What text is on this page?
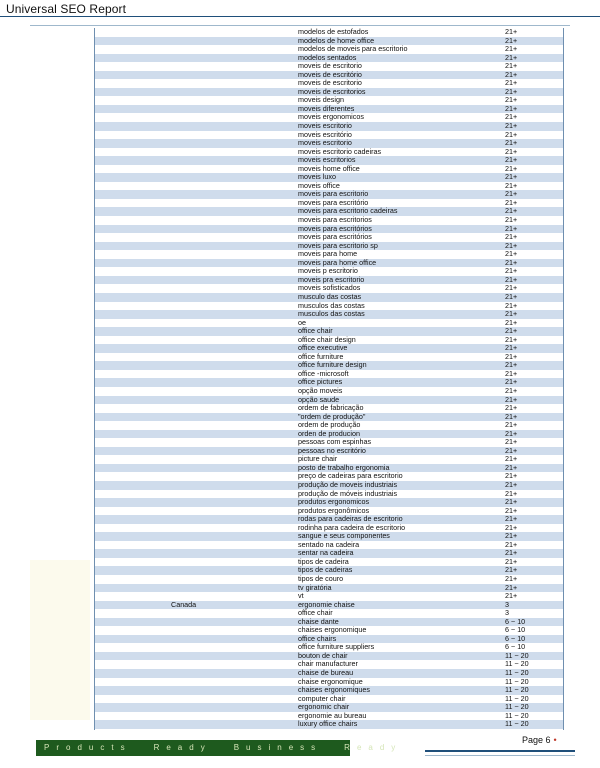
Universal SEO Report
modelos de estofados	21+
modelos de home office	21+
modelos de moveis para escritorio	21+
modelos sentados	21+
moveis de escritorio	21+
moveis de escritório	21+
moveis de escritorio	21+
moveis de escritorios	21+
moveis design	21+
moveis diferentes	21+
moveis ergonomicos	21+
moveis escritorio	21+
moveis escritório	21+
moveis escritorio	21+
moveis escritorio cadeiras	21+
moveis escritorios	21+
moveis home office	21+
moveis luxo	21+
moveis office	21+
moveis para escritorio	21+
moveis para escritório	21+
moveis para escritorio cadeiras	21+
moveis para escritorios	21+
moveis para escritórios	21+
moveis para escritórios	21+
moveis para escritorio sp	21+
moveis para home	21+
moveis para home office	21+
moveis p escritorio	21+
moveis pra escritorio	21+
moveis sofisticados	21+
musculo das costas	21+
musculos das costas	21+
musculos das costas	21+
oe	21+
office chair	21+
office chair design	21+
office executive	21+
office furniture	21+
office furniture design	21+
office -microsoft	21+
office pictures	21+
opção moveis	21+
opção saude	21+
ordem de fabricação	21+
"ordem de produção"	21+
ordem de produção	21+
orden de producion	21+
pessoas com espinhas	21+
pessoas no escritório	21+
picture chair	21+
posto de trabalho ergonomia	21+
preço de cadeiras para escritorio	21+
produção de moveis industriais	21+
produção de móveis industriais	21+
produtos ergonomicos	21+
produtos ergonômicos	21+
rodas para cadeiras de escritorio	21+
rodinha para cadeira de escritorio	21+
sangue e seus componentes	21+
sentado na cadeira	21+
sentar na cadeira	21+
tipos de cadeira	21+
tipos de cadeiras	21+
tipos de couro	21+
tv giratória	21+
vt	21+
Canada	ergonomie chaise	3
office chair	3
chaise dante	6 ~ 10
chaises ergonomique	6 ~ 10
office chairs	6 ~ 10
office furniture suppliers	6 ~ 10
bouton de chair	11 ~ 20
chair manufacturer	11 ~ 20
chaise de bureau	11 ~ 20
chaise ergonomique	11 ~ 20
chaises ergonomiques	11 ~ 20
computer chair	11 ~ 20
ergonomic chair	11 ~ 20
ergonomie au bureau	11 ~ 20
luxury office chairs	11 ~ 20
Products	Ready	Business	Ready
Page 6 •
